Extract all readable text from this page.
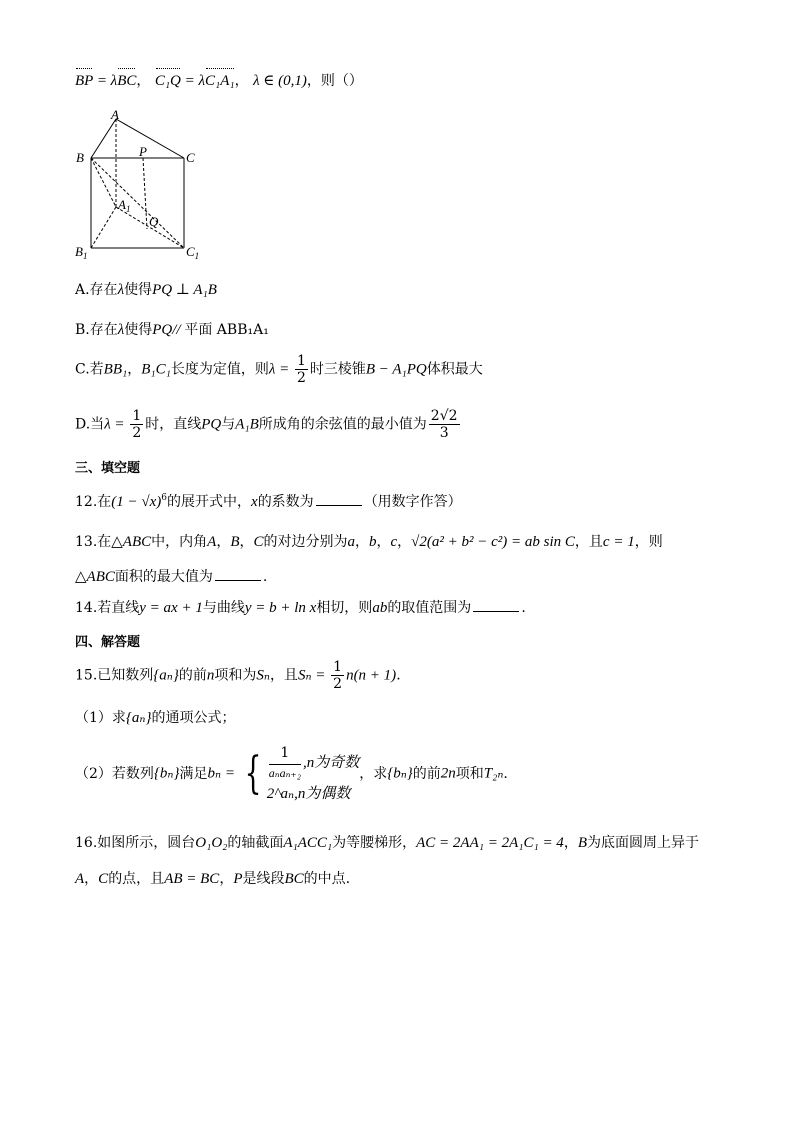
BP = λBC， C₁Q = λC₁A₁， λ ∈ (0,1)，则（）
A
B	P	C
$A_1$
Q
$B_1$	$C_1$
A.存在λ使得PQ ⊥ A₁B
B.存在λ使得PQ// 平面 ABB₁A₁
C.若BB₁，B₁C₁长度为定值，则$\lambda = \frac{1}{2}$ 时三棱锥B − A₁PQ体积最大
D.当$\lambda = \frac{1}{2}$ 时，直线PQ与A₁B所成角的余弦值的最小值为 $\frac{2√2}{3}$
三、填空题
12.在$(1 - √x)^6$的展开式中，x的系数为	（用数字作答）
13.在△ABC中，内角A，B，C的对边分别为a，b，c，√2(a² + b² − c²) = ab sin C，且c = 1，则
△ABC面积的最大值为	.
14.若直线y = ax + 1与曲线y = b + ln x相切，则ab的取值范围为	.
四、解答题
15.已知数列{aₙ}的前n项和为Sₙ，且$S_n = \frac{1}{2} n(n + 1)$.
（1）求{aₙ}的通项公式；
（2）若数列{bₙ}满足bₙ = { $\frac{1}{\text{aₙaₙ₊₂}} ,n$为奇数
2^aₙ,n为偶数
，求{bₙ}的前2n项和T₂ₙ.
16.如图所示，圆台O₁O₂的轴截面A₁ACC₁为等腰梯形，AC = 2AA₁ = 2A₁C₁ = 4，B为底面圆周上异于
A，C的点，且AB = BC，P是线段BC的中点.
